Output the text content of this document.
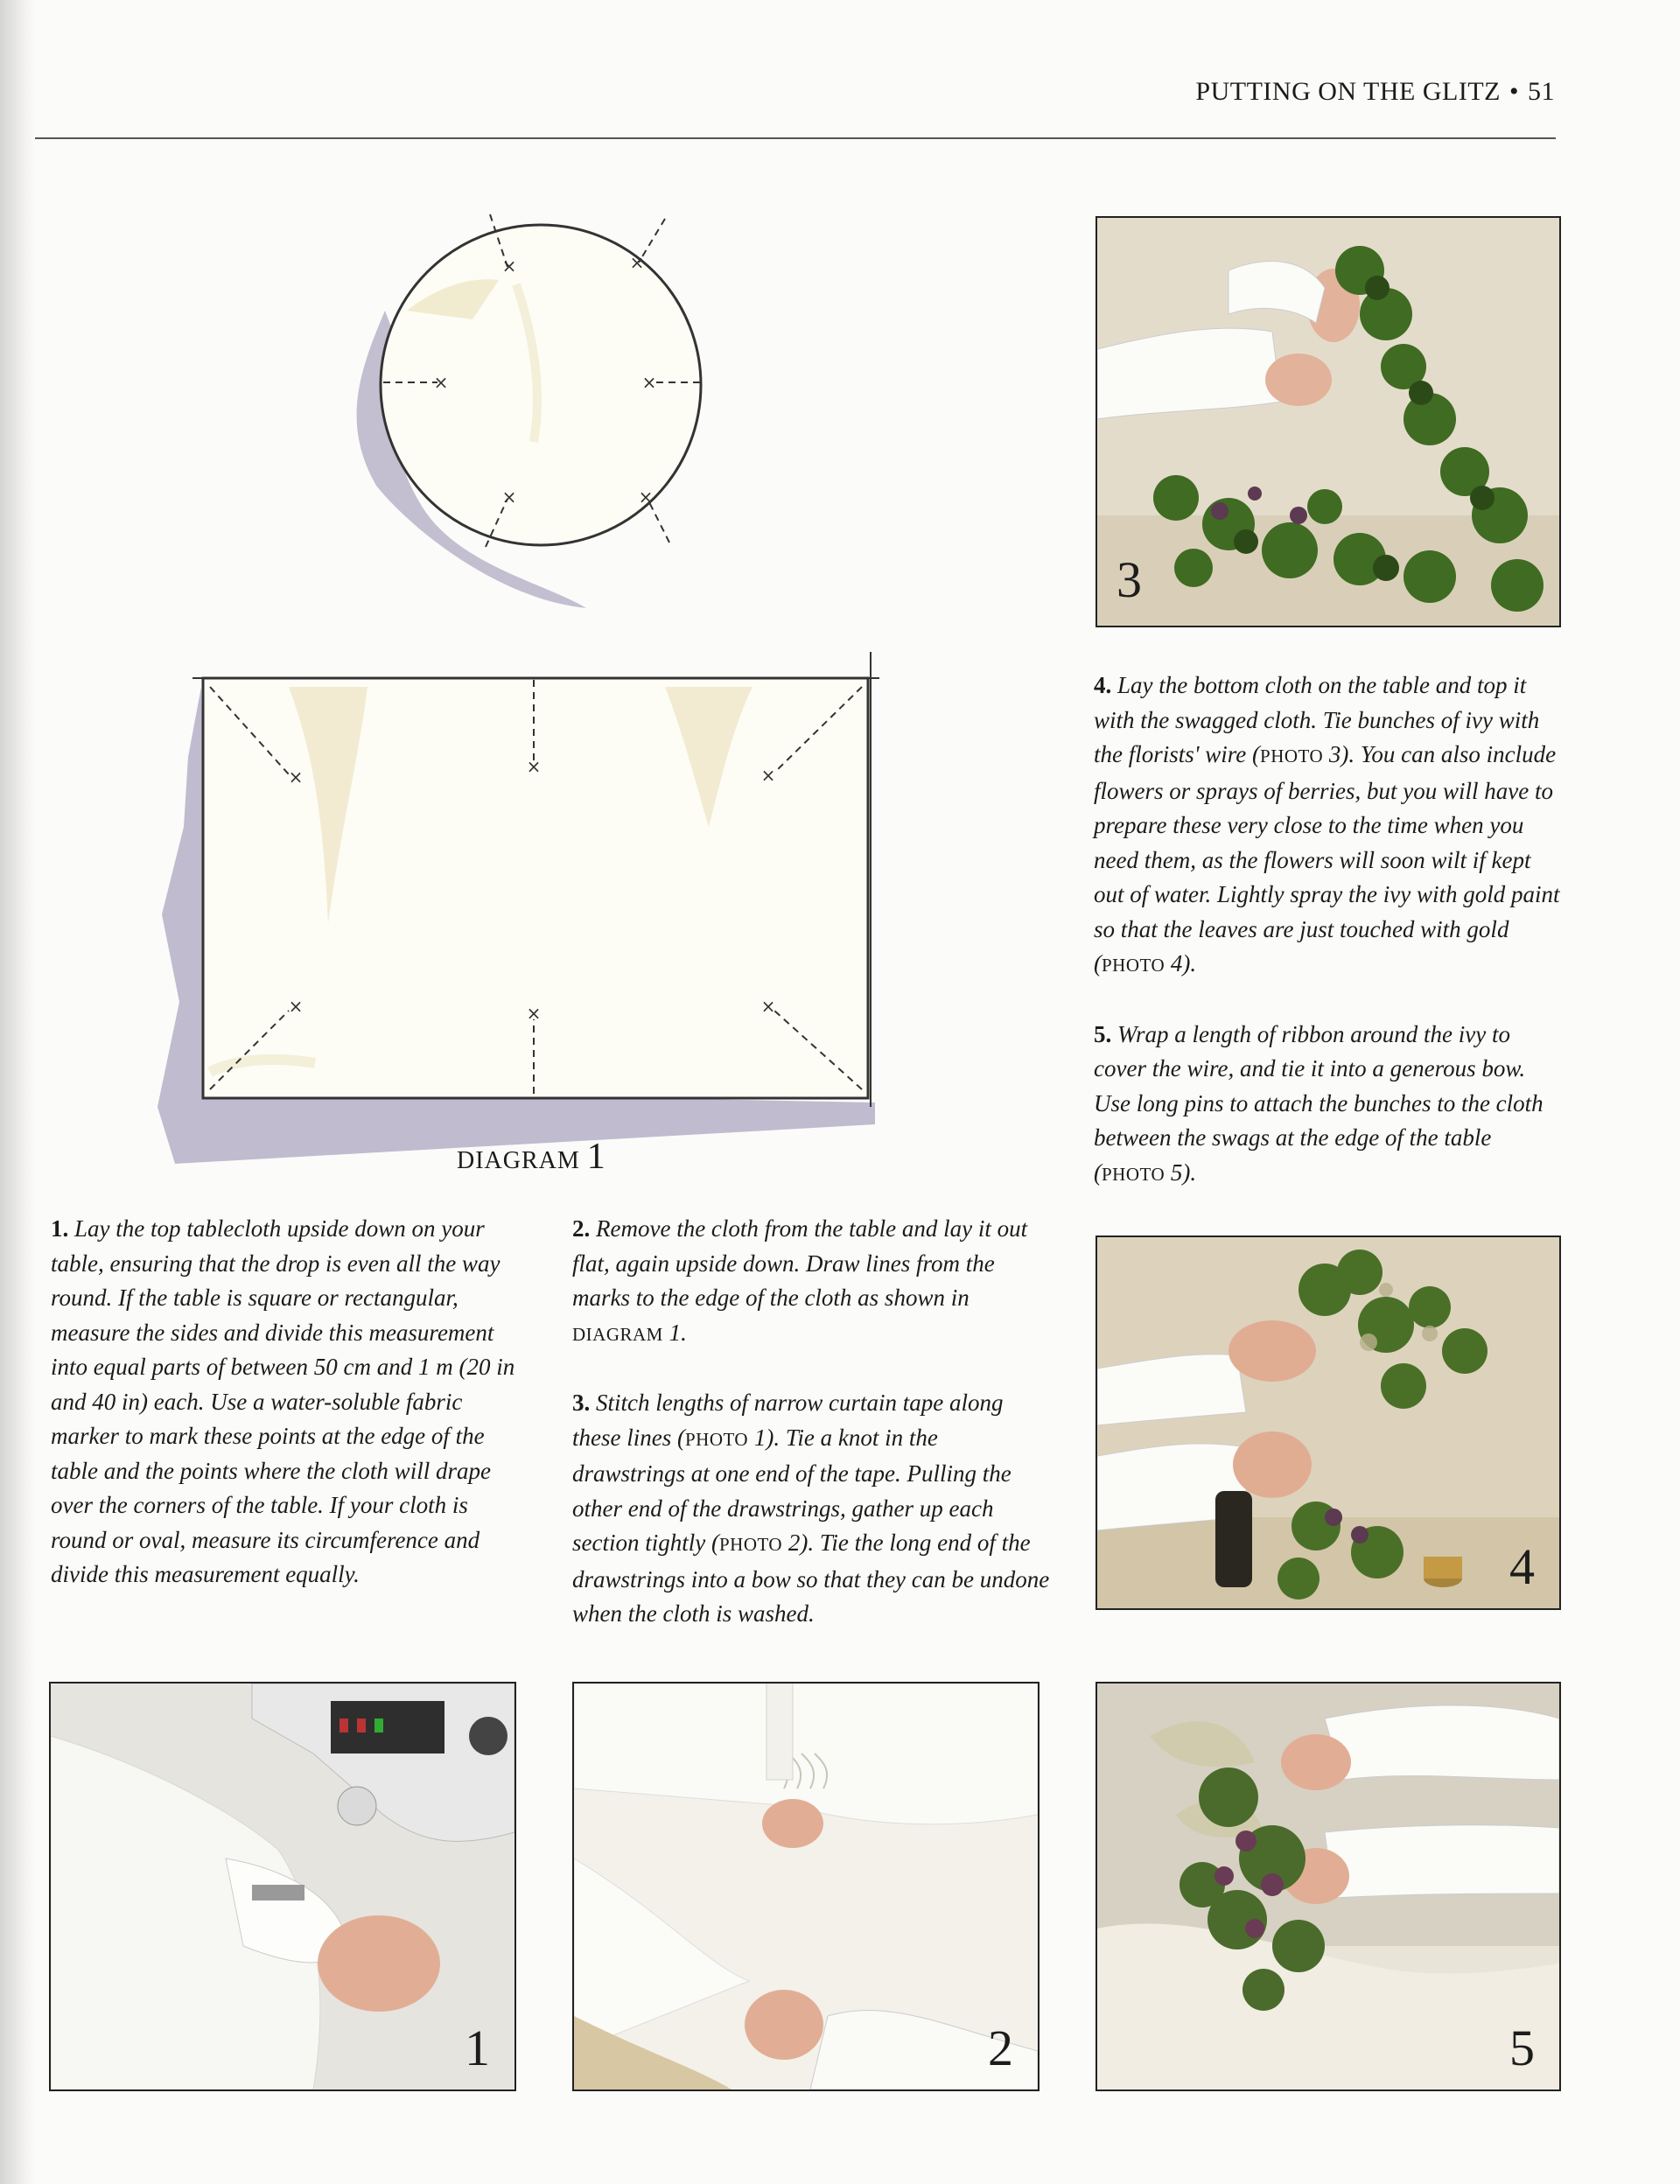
PUTTING ON THE GLITZ • 51
×	×
×	×
×	×
×	×	×
×	×	×
DIAGRAM 1

4. Lay the bottom cloth on the table and top it with the swagged cloth. Tie bunches of ivy with the florists' wire (PHOTO 3). You can also include flowers or sprays of berries, but you will have to prepare these very close to the time when you need them, as the flowers will soon wilt if kept out of water. Lightly spray the ivy with gold paint so that the leaves are just touched with gold (PHOTO 4).

5. Wrap a length of ribbon around the ivy to cover the wire, and tie it into a generous bow. Use long pins to attach the bunches to the cloth between the swags at the edge of the table (PHOTO 5).

1. Lay the top tablecloth upside down on your table, ensuring that the drop is even all the way round. If the table is square or rectangular, measure the sides and divide this measurement into equal parts of between 50 cm and 1 m (20 in and 40 in) each. Use a water-soluble fabric marker to mark these points at the edge of the table and the points where the cloth will drape over the corners of the table. If your cloth is round or oval, measure its circumference and divide this measurement equally.

2. Remove the cloth from the table and lay it out flat, again upside down. Draw lines from the marks to the edge of the cloth as shown in DIAGRAM 1.

3. Stitch lengths of narrow curtain tape along these lines (PHOTO 1). Tie a knot in the drawstrings at one end of the tape. Pulling the other end of the drawstrings, gather up each section tightly (PHOTO 2). Tie the long end of the drawstrings into a bow so that they can be undone when the cloth is washed.

3
4
1	2	5
